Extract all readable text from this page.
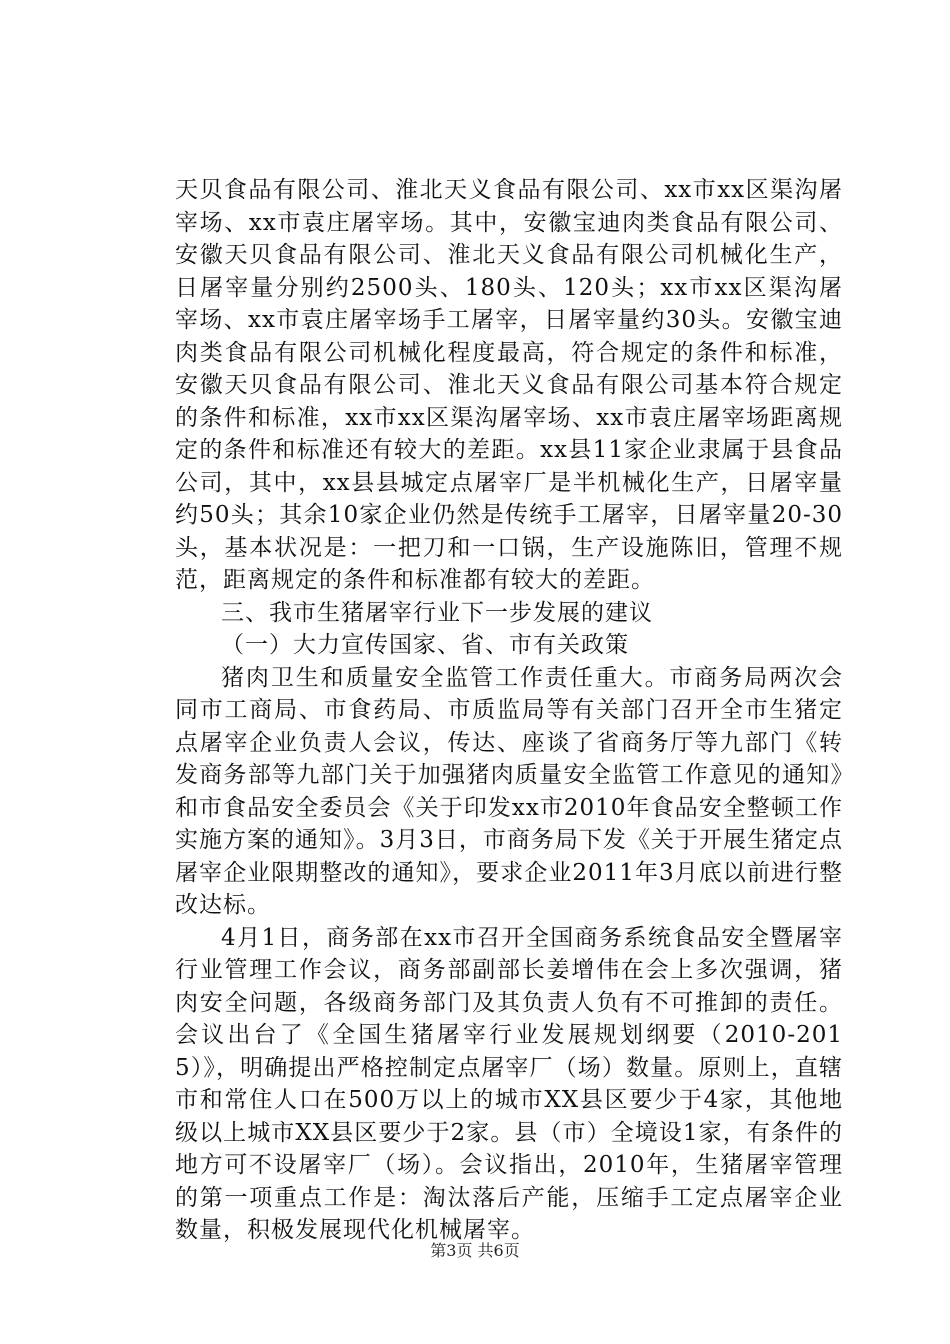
天贝食品有限公司、淮北天义食品有限公司、xx市xx区渠沟屠宰场、xx市袁庄屠宰场。其中，安徽宝迪肉类食品有限公司、安徽天贝食品有限公司、淮北天义食品有限公司机械化生产，日屠宰量分别约2500头、180头、120头；xx市xx区渠沟屠宰场、xx市袁庄屠宰场手工屠宰，日屠宰量约30头。安徽宝迪肉类食品有限公司机械化程度最高，符合规定的条件和标准，安徽天贝食品有限公司、淮北天义食品有限公司基本符合规定的条件和标准，xx市xx区渠沟屠宰场、xx市袁庄屠宰场距离规定的条件和标准还有较大的差距。xx县11家企业隶属于县食品公司，其中，xx县县城定点屠宰厂是半机械化生产，日屠宰量约50头；其余10家企业仍然是传统手工屠宰，日屠宰量20-30头，基本状况是：一把刀和一口锅，生产设施陈旧，管理不规范，距离规定的条件和标准都有较大的差距。

三、我市生猪屠宰行业下一步发展的建议

（一）大力宣传国家、省、市有关政策

猪肉卫生和质量安全监管工作责任重大。市商务局两次会同市工商局、市食药局、市质监局等有关部门召开全市生猪定点屠宰企业负责人会议，传达、座谈了省商务厅等九部门《转发商务部等九部门关于加强猪肉质量安全监管工作意见的通知》和市食品安全委员会《关于印发xx市2010年食品安全整顿工作实施方案的通知》。3月3日，市商务局下发《关于开展生猪定点屠宰企业限期整改的通知》，要求企业2011年3月底以前进行整改达标。

4月1日，商务部在xx市召开全国商务系统食品安全暨屠宰行业管理工作会议，商务部副部长姜增伟在会上多次强调，猪肉安全问题，各级商务部门及其负责人负有不可推卸的责任。会议出台了《全国生猪屠宰行业发展规划纲要（2010-2015）》，明确提出严格控制定点屠宰厂（场）数量。原则上，直辖市和常住人口在500万以上的城市XX县区要少于4家，其他地级以上城市XX县区要少于2家。县（市）全境设1家，有条件的地方可不设屠宰厂（场）。会议指出，2010年，生猪屠宰管理的第一项重点工作是：淘汰落后产能，压缩手工定点屠宰企业数量，积极发展现代化机械屠宰。

第3页 共6页
